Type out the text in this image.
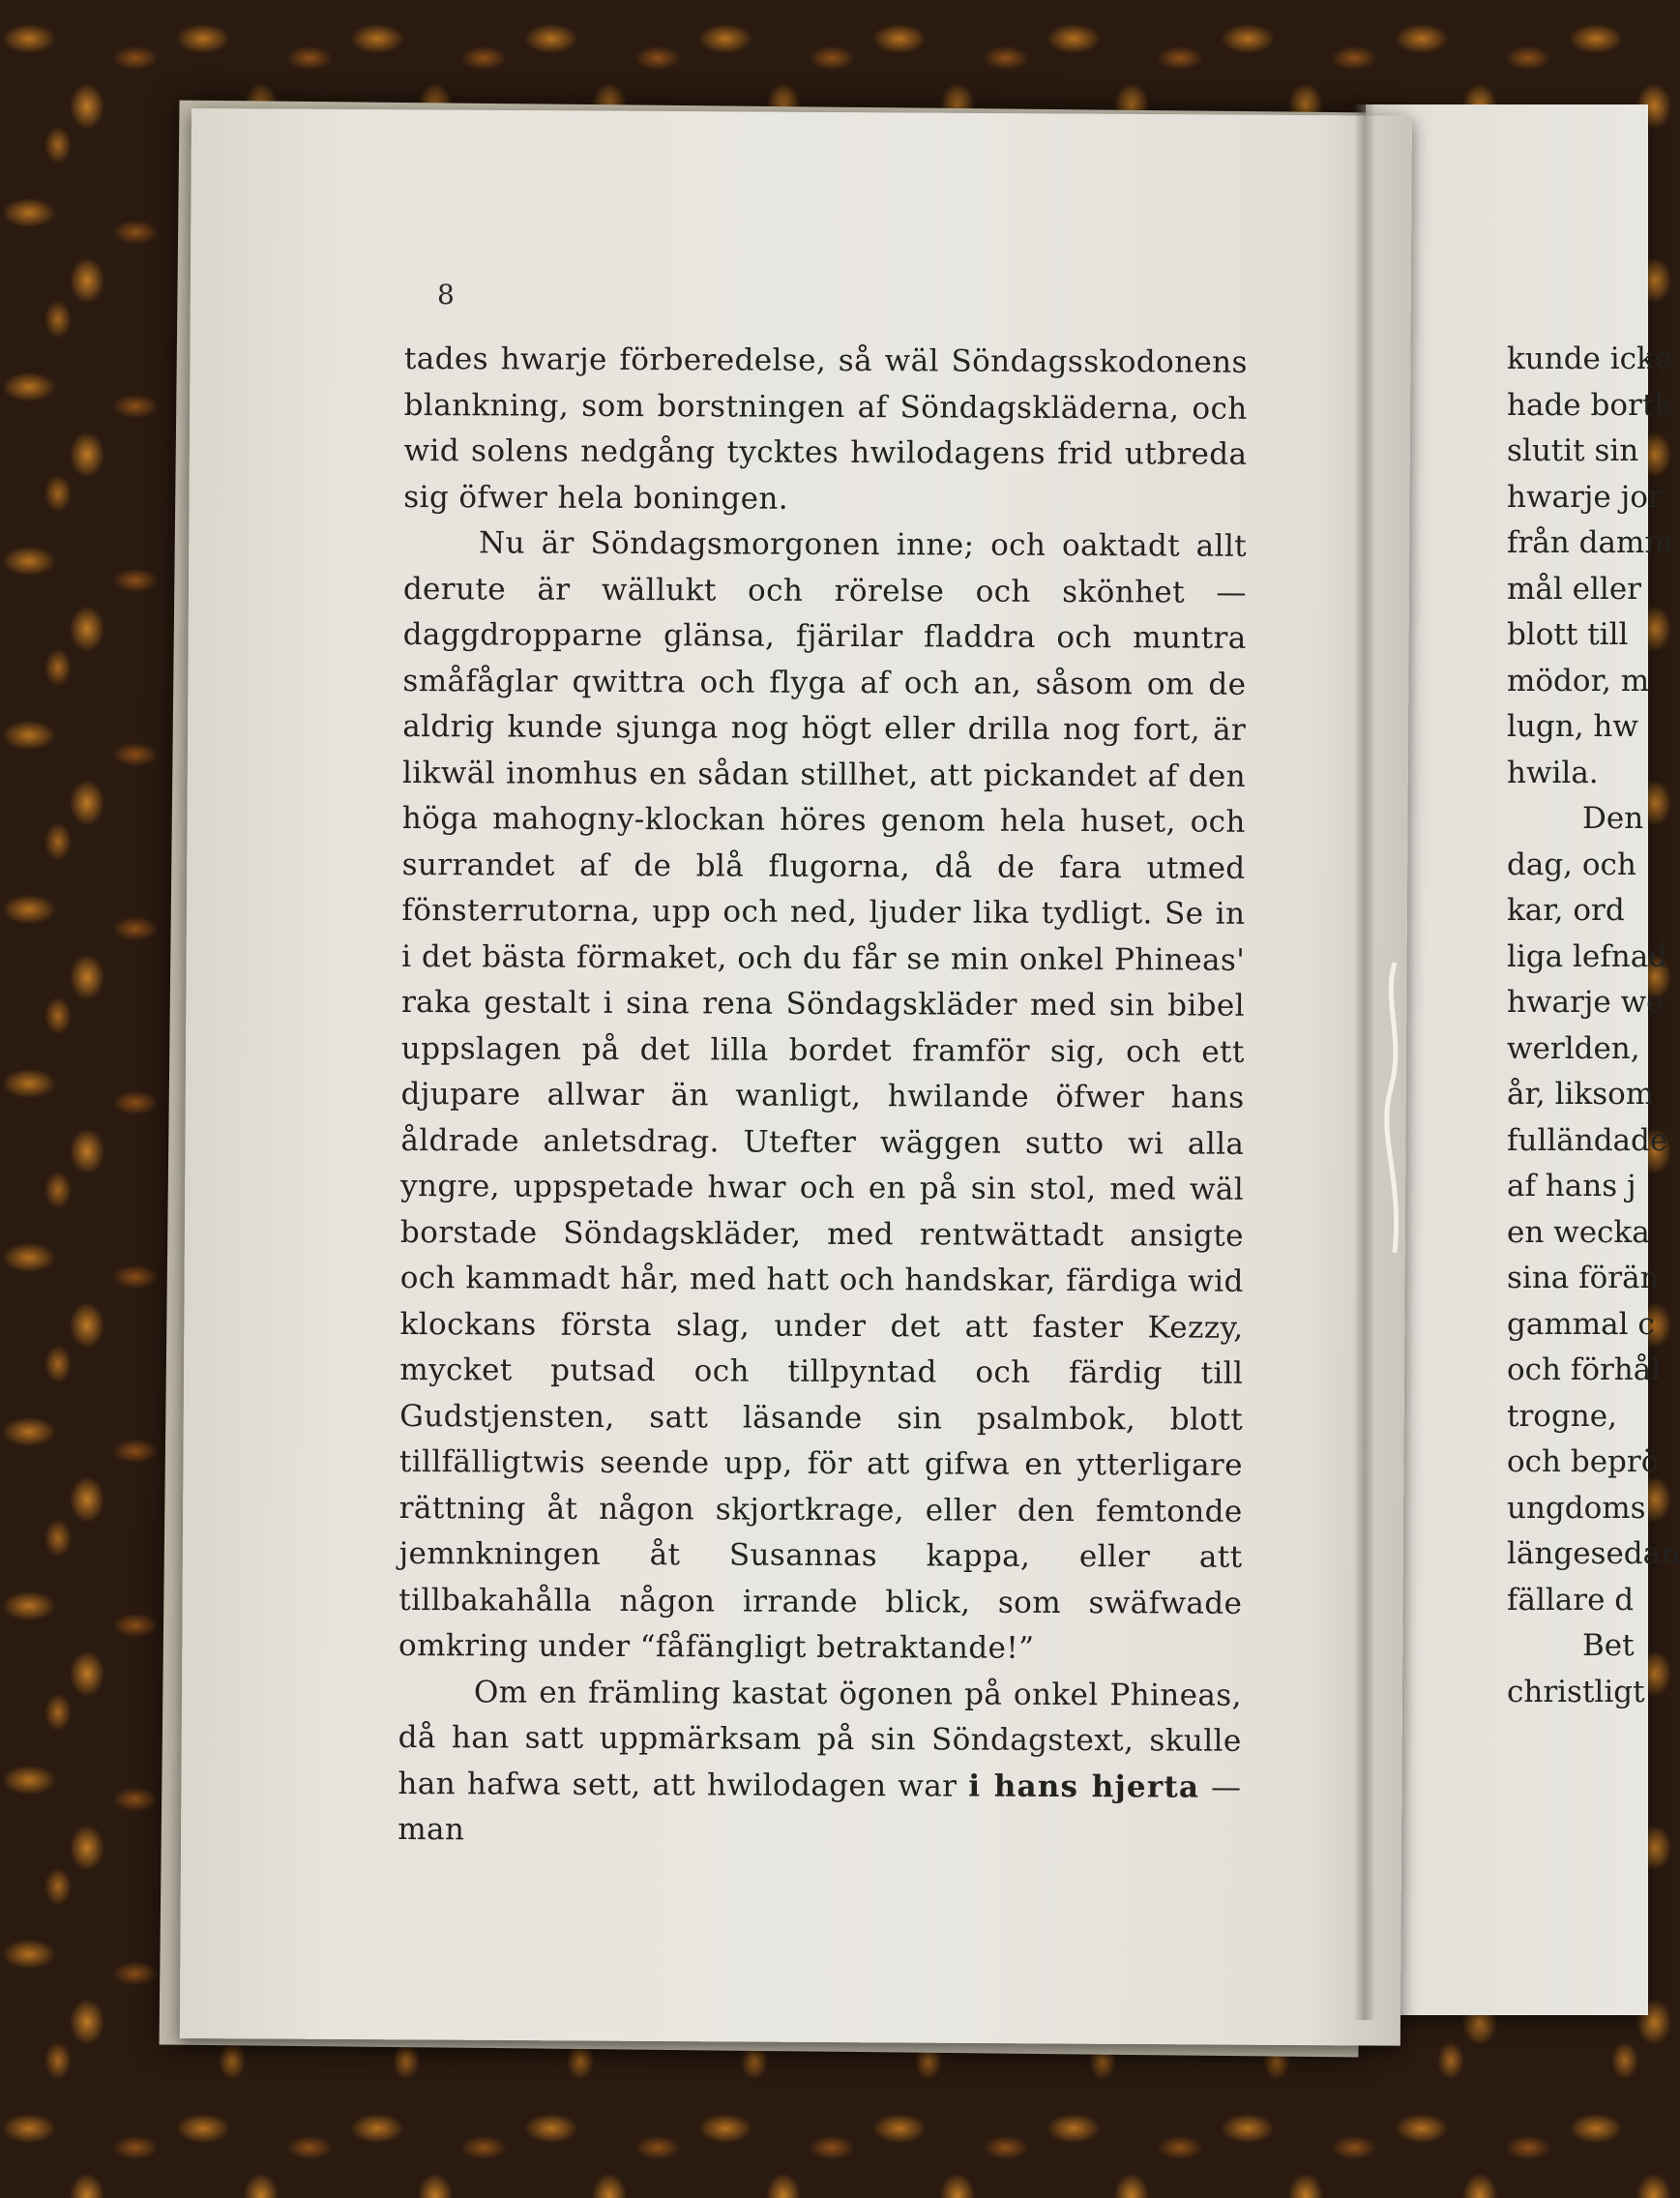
8

tades hwarje förberedelse, så wäl Söndagsskodonens blankning, som borstningen af Söndagskläderna, och wid solens nedgång tycktes hwilodagens frid utbreda sig öfwer hela boningen.

Nu är Söndagsmorgonen inne; och oaktadt allt derute är wällukt och rörelse och skönhet — daggdropparne glänsa, fjärilar fladdra och muntra småfåglar qwittra och flyga af och an, såsom om de aldrig kunde sjunga nog högt eller drilla nog fort, är likwäl inomhus en sådan stillhet, att pickandet af den höga mahogny-klockan höres genom hela huset, och surrandet af de blå flugorna, då de fara utmed fönsterrutorna, upp och ned, ljuder lika tydligt. Se in i det bästa förmaket, och du får se min onkel Phineas' raka gestalt i sina rena Söndagskläder med sin bibel uppslagen på det lilla bordet framför sig, och ett djupare allwar än wanligt, hwilande öfwer hans åldrade anletsdrag. Utefter wäggen sutto wi alla yngre, uppspetade hwar och en på sin stol, med wäl borstade Söndagskläder, med rentwättadt ansigte och kammadt hår, med hatt och handskar, färdiga wid klockans första slag, under det att faster Kezzy, mycket putsad och tillpyntad och färdig till Gudstjensten, satt läsande sin psalmbok, blott tillfälligtwis seende upp, för att gifwa en ytterligare rättning åt någon skjortkrage, eller den femtonde jemnkningen åt Susannas kappa, eller att tillbakahålla någon irrande blick, som swäfwade omkring under “fåfängligt betraktande!”

Om en främling kastat ögonen på onkel Phineas, då han satt uppmärksam på sin Söndagstext, skulle han hafwa sett, att hwilodagen war i hans hjerta — man

kunde icke
hade bortk
slutit sin
hwarje jor
från damm
mål eller
blott till
mödor, m
lugn, hw
hwila.
Den
dag, och
kar, ord
liga lefnad
hwarje we
werlden,
år, liksom
fulländade
af hans j
en wecka
sina förän
gammal c
och förhål
trogne,
och beprö
ungdoms
längesedan
fällare d
Bet
christligt
